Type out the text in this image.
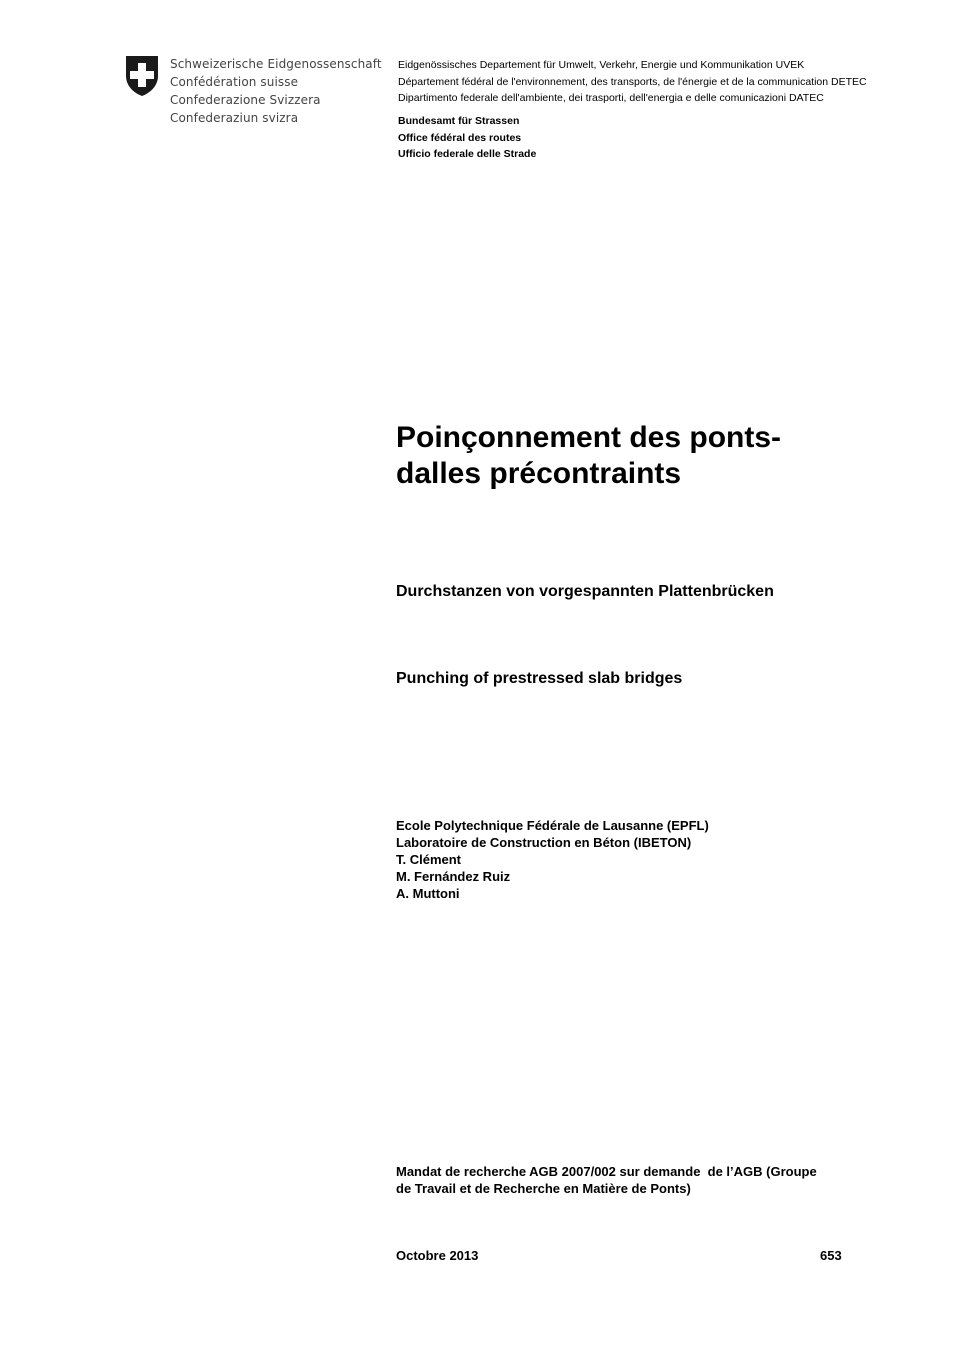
Schweizerische Eidgenossenschaft
Confédération suisse
Confederazione Svizzera
Confederaziun svizra
Eidgenössisches Departement für Umwelt, Verkehr, Energie und Kommunikation UVEK
Département fédéral de l'environnement, des transports, de l'énergie et de la communication DETEC
Dipartimento federale dell'ambiente, dei trasporti, dell'energia e delle comunicazioni DATEC
Bundesamt für Strassen
Office fédéral des routes
Ufficio federale delle Strade
Poinçonnement des ponts-
dalles précontraints
Durchstanzen von vorgespannten Plattenbrücken
Punching of prestressed slab bridges
Ecole Polytechnique Fédérale de Lausanne (EPFL)
Laboratoire de Construction en Béton (IBETON)
T. Clément
M. Fernández Ruiz
A. Muttoni
Mandat de recherche AGB 2007/002 sur demande  de l’AGB (Groupe
de Travail et de Recherche en Matière de Ponts)
Octobre 2013	653
